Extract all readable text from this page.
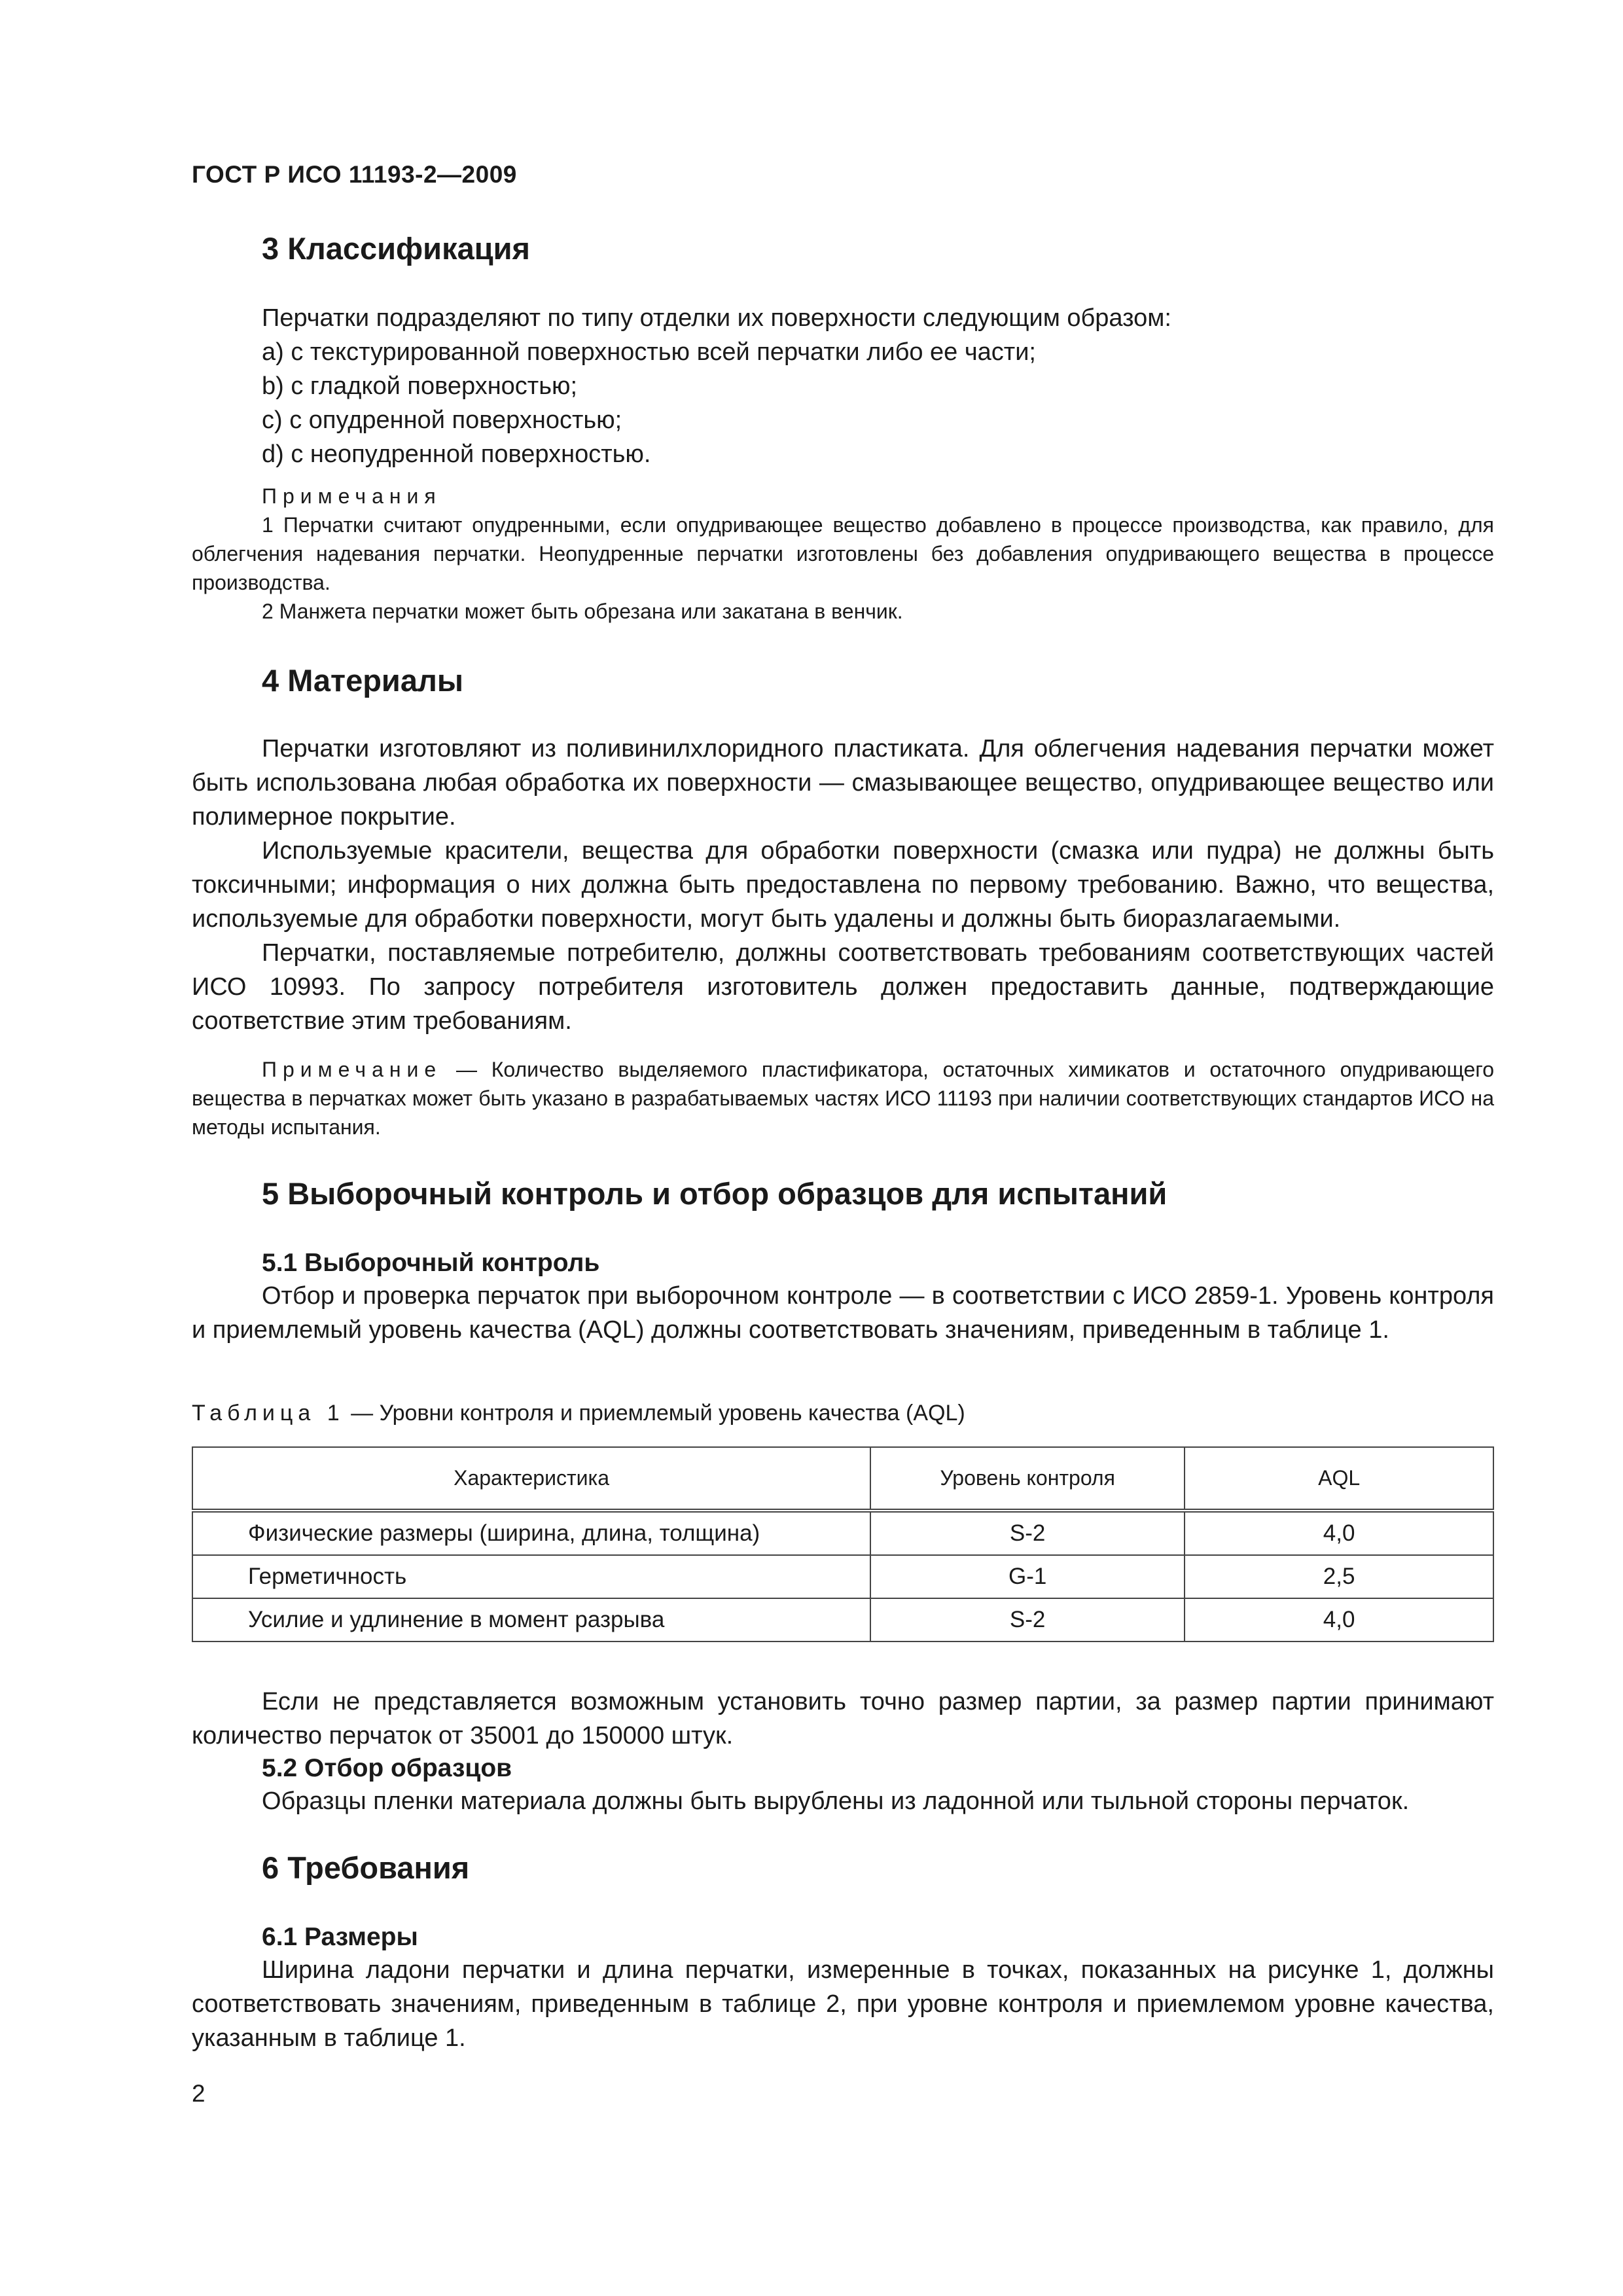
ГОСТ Р ИСО 11193-2—2009
3 Классификация

Перчатки подразделяют по типу отделки их поверхности следующим образом:

a) с текстурированной поверхностью всей перчатки либо ее части;

b) с гладкой поверхностью;

c) с опудренной поверхностью;

d) с неопудренной поверхностью.

Примечания

1 Перчатки считают опудренными, если опудривающее вещество добавлено в процессе производства, как правило, для облегчения надевания перчатки. Неопудренные перчатки изготовлены без добавления опудривающего вещества в процессе производства.

2 Манжета перчатки может быть обрезана или закатана в венчик.

4 Материалы

Перчатки изготовляют из поливинилхлоридного пластиката. Для облегчения надевания перчатки может быть использована любая обработка их поверхности — смазывающее вещество, опудривающее вещество или полимерное покрытие.

Используемые красители, вещества для обработки поверхности (смазка или пудра) не должны быть токсичными; информация о них должна быть предоставлена по первому требованию. Важно, что вещества, используемые для обработки поверхности, могут быть удалены и должны быть биоразлагаемыми.

Перчатки, поставляемые потребителю, должны соответствовать требованиям соответствующих частей ИСО 10993. По запросу потребителя изготовитель должен предоставить данные, подтверждающие соответствие этим требованиям.

Примечание — Количество выделяемого пластификатора, остаточных химикатов и остаточного опудривающего вещества в перчатках может быть указано в разрабатываемых частях ИСО 11193 при наличии соответствующих стандартов ИСО на методы испытания.

5 Выборочный контроль и отбор образцов для испытаний
5.1 Выборочный контроль

Отбор и проверка перчаток при выборочном контроле — в соответствии с ИСО 2859-1. Уровень контроля и приемлемый уровень качества (AQL) должны соответствовать значениям, приведенным в таблице 1.

Таблица 1 — Уровни контроля и приемлемый уровень качества (AQL)
Характеристика	Уровень контроля	AQL
Физические размеры (ширина, длина, толщина)	S-2	4,0
Герметичность	G-1	2,5
Усилие и удлинение в момент разрыва	S-2	4,0

Если не представляется возможным установить точно размер партии, за размер партии принимают количество перчаток от 35001 до 150000 штук.

5.2 Отбор образцов

Образцы пленки материала должны быть вырублены из ладонной или тыльной стороны перчаток.

6 Требования
6.1 Размеры

Ширина ладони перчатки и длина перчатки, измеренные в точках, показанных на рисунке 1, должны соответствовать значениям, приведенным в таблице 2, при уровне контроля и приемлемом уровне качества, указанным в таблице 1.

2
